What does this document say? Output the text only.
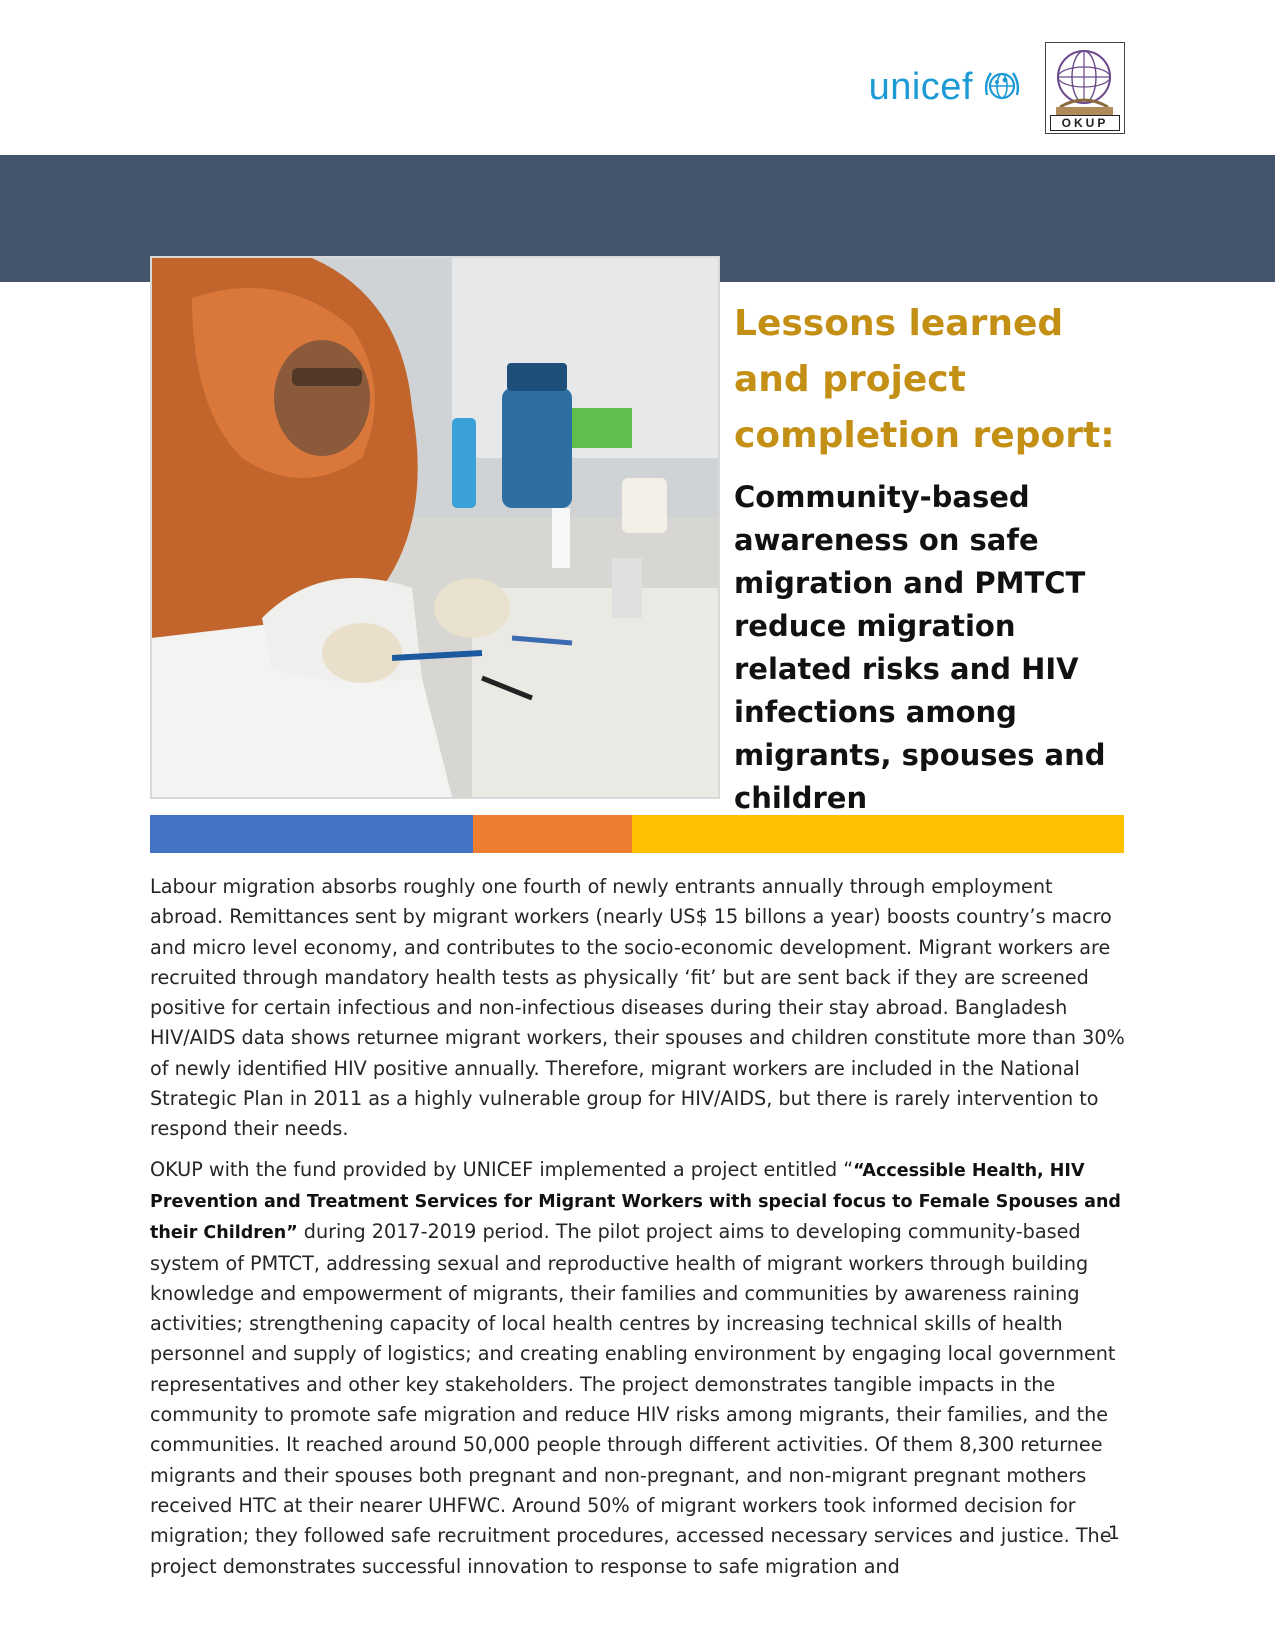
unicef
OKUP
Lessons learned and project completion report:
Community-based awareness on safe migration and PMTCT reduce migration related risks and HIV infections among migrants, spouses and children

Labour migration absorbs roughly one fourth of newly entrants annually through employment abroad. Remittances sent by migrant workers (nearly US$ 15 billons a year) boosts country’s macro and micro level economy, and contributes to the socio-economic development. Migrant workers are recruited through mandatory health tests as physically ‘fit’ but are sent back if they are screened positive for certain infectious and non-infectious diseases during their stay abroad. Bangladesh HIV/AIDS data shows returnee migrant workers, their spouses and children constitute more than 30% of newly identified HIV positive annually. Therefore, migrant workers are included in the National Strategic Plan in 2011 as a highly vulnerable group for HIV/AIDS, but there is rarely intervention to respond their needs.

OKUP with the fund provided by UNICEF implemented a project entitled ““Accessible Health, HIV Prevention and Treatment Services for Migrant Workers with special focus to Female Spouses and their Children” during 2017-2019 period. The pilot project aims to developing community-based system of PMTCT, addressing sexual and reproductive health of migrant workers through building knowledge and empowerment of migrants, their families and communities by awareness raining activities; strengthening capacity of local health centres by increasing technical skills of health personnel and supply of logistics; and creating enabling environment by engaging local government representatives and other key stakeholders. The project demonstrates tangible impacts in the community to promote safe migration and reduce HIV risks among migrants, their families, and the communities. It reached around 50,000 people through different activities. Of them 8,300 returnee migrants and their spouses both pregnant and non-pregnant, and non-migrant pregnant mothers received HTC at their nearer UHFWC. Around 50% of migrant workers took informed decision for migration; they followed safe recruitment procedures, accessed necessary services and justice. The project demonstrates successful innovation to response to safe migration and

1
